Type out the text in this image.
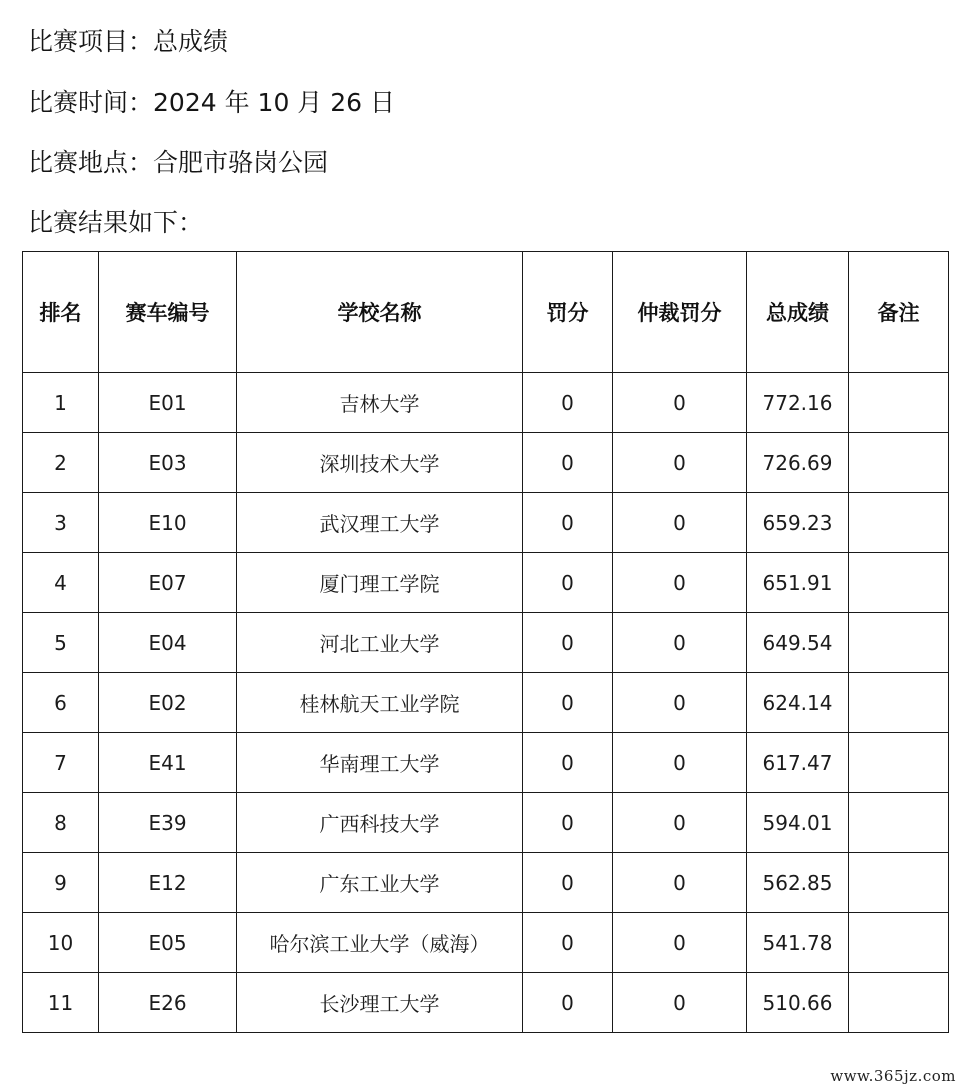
比赛项目：总成绩
比赛时间：2024 年 10 月 26 日
比赛地点：合肥市骆岗公园
比赛结果如下：
排名	赛车编号	学校名称	罚分	仲裁罚分	总成绩	备注
1	E01	吉林大学	0	0	772.16	
2	E03	深圳技术大学	0	0	726.69	
3	E10	武汉理工大学	0	0	659.23	
4	E07	厦门理工学院	0	0	651.91	
5	E04	河北工业大学	0	0	649.54	
6	E02	桂林航天工业学院	0	0	624.14	
7	E41	华南理工大学	0	0	617.47	
8	E39	广西科技大学	0	0	594.01	
9	E12	广东工业大学	0	0	562.85	
10	E05	哈尔滨工业大学（威海）	0	0	541.78	
11	E26	长沙理工大学	0	0	510.66	
www.365jz.com
